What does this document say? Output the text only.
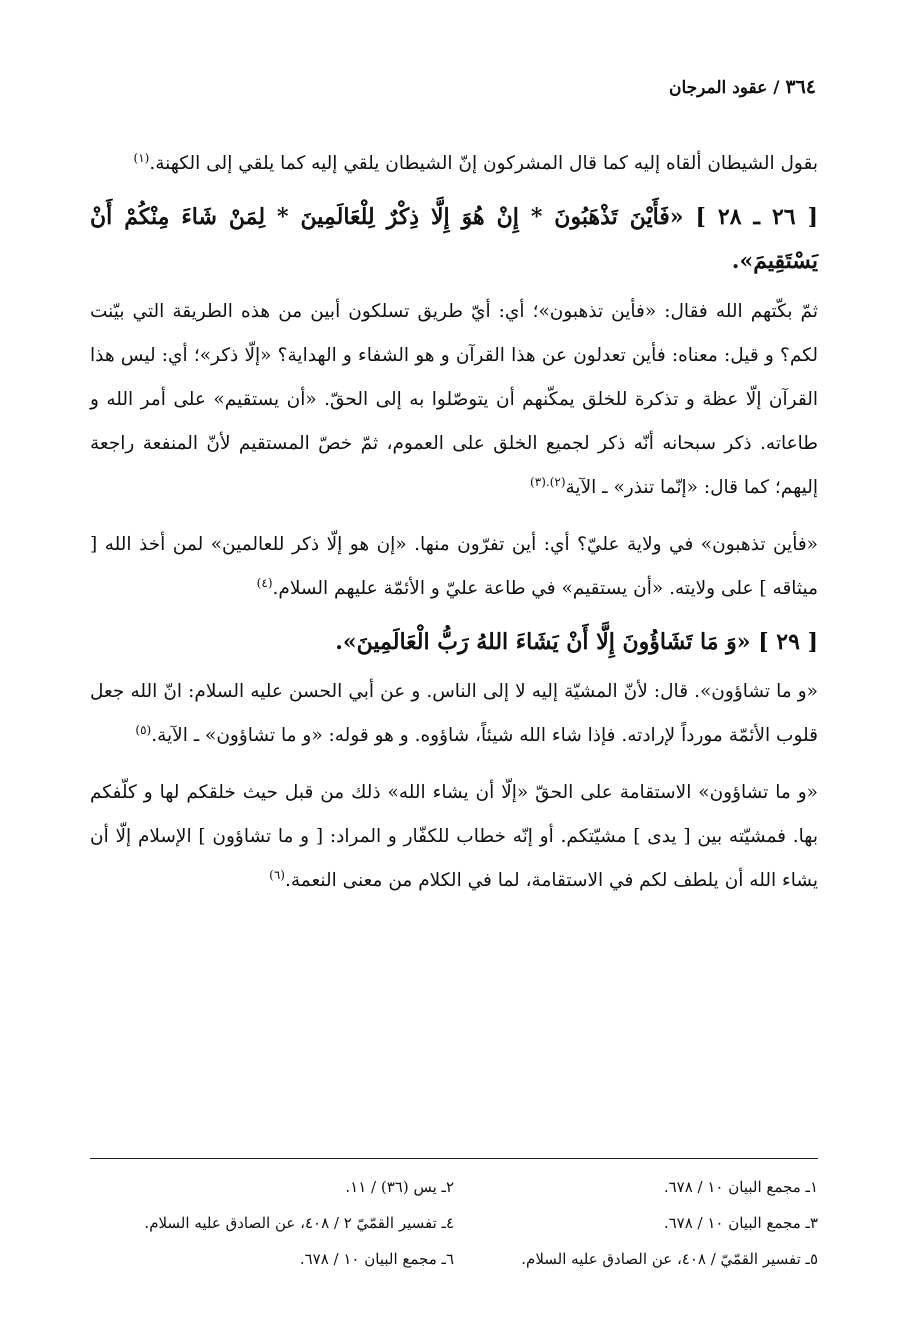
٣٦٤ / عقود المرجان

بقول الشيطان ألقاه إليه كما قال المشركون إنّ الشيطان يلقي إليه كما يلقي إلى الكهنة.$^{(١)}$

[ ٢٦ ـ ٢٨ ] «فَأَيْنَ تَذْهَبُونَ * إِنْ هُوَ إِلَّا ذِكْرٌ لِلْعَالَمِينَ * لِمَنْ شَاءَ مِنْكُمْ أَنْ يَسْتَقِيمَ».

ثمّ بكّتهم الله فقال: «فأين تذهبون»؛ أي: أيّ طريق تسلكون أبين من هذه الطريقة التي بيّنت لكم؟ و قيل: معناه: فأين تعدلون عن هذا القرآن و هو الشفاء و الهداية؟ «إلّا ذكر»؛ أي: ليس هذا القرآن إلّا عظة و تذكرة للخلق يمكّنهم أن يتوصّلوا به إلى الحقّ. «أن يستقيم» على أمر الله و طاعاته. ذكر سبحانه أنّه ذكر لجميع الخلق على العموم، ثمّ خصّ المستقيم لأنّ المنفعة راجعة إليهم؛ كما قال: «إنّما تنذر» ـ الآية$^{(٢).(٣)}$

«فأين تذهبون» في ولاية عليّ؟ أي: أين تفرّون منها. «إن هو إلّا ذكر للعالمين» لمن أخذ الله [ ميثاقه ] على ولايته. «أن يستقيم» في طاعة عليّ و الأئمّة عليهم السلام.$^{(٤)}$

[ ٢٩ ] «وَ مَا تَشَاؤُونَ إِلَّا أَنْ يَشَاءَ اللهُ رَبُّ الْعَالَمِينَ».

«و ما تشاؤون». قال: لأنّ المشيّة إليه لا إلى الناس. و عن أبي الحسن عليه السلام: انّ الله جعل قلوب الأئمّة مورداً لإرادته. فإذا شاء الله شيئاً، شاؤوه. و هو قوله: «و ما تشاؤون» ـ الآية.$^{(٥)}$

«و ما تشاؤون» الاستقامة على الحقّ «إلّا أن يشاء الله» ذلك من قبل حيث خلقكم لها و كلّفكم بها. فمشيّته بين [ يدى ] مشيّتكم. أو إنّه خطاب للكفّار و المراد: [ و ما تشاؤون ] الإسلام إلّا أن يشاء الله أن يلطف لكم في الاستقامة، لما في الكلام من معنى النعمة.$^{(٦)}$

١ـ مجمع البيان ١٠ / ٦٧٨.
٢ـ يس (٣٦) / ١١.
٣ـ مجمع البيان ١٠ / ٦٧٨.
٤ـ تفسير القمّيّ ٢ / ٤٠٨، عن الصادق عليه السلام.
٥ـ تفسير القمّيّ / ٤٠٨، عن الصادق عليه السلام.
٦ـ مجمع البيان ١٠ / ٦٧٨.
